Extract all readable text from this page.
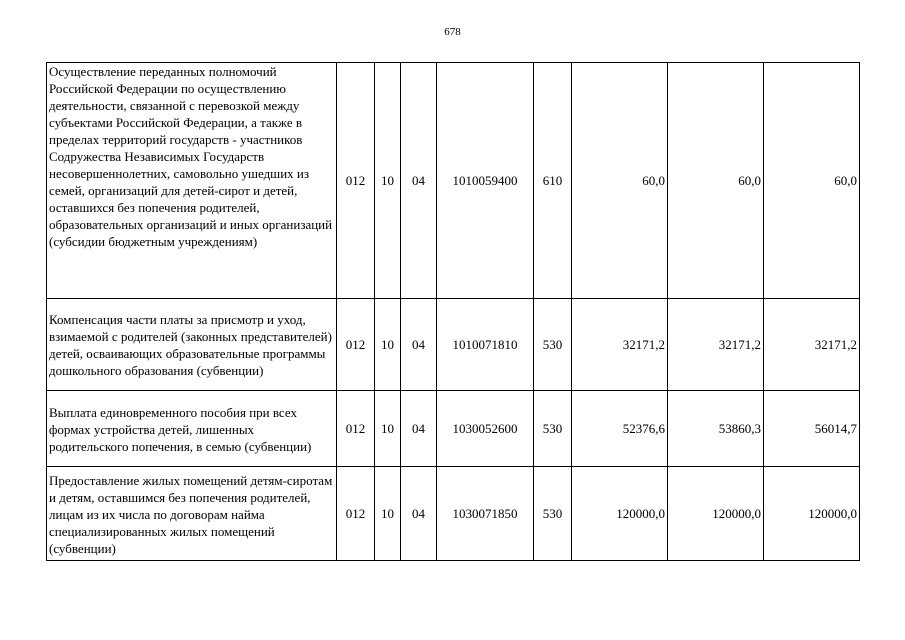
678
Осуществление переданных полномочий Российской Федерации по осуществлению деятельности, связанной с перевозкой между субъектами Российской Федерации, а также в пределах территорий государств - участников Содружества Независимых Государств несовершеннолетних, самовольно ушедших из семей, организаций для детей-сирот и детей, оставшихся без попечения родителей, образовательных организаций и иных организаций (субсидии бюджетным учреждениям)	012	10	04	1010059400	610	60,0	60,0	60,0
Компенсация части платы за присмотр и уход, взимаемой с родителей (законных представителей) детей, осваивающих образовательные программы дошкольного образования (субвенции)	012	10	04	1010071810	530	32171,2	32171,2	32171,2
Выплата единовременного пособия при всех формах устройства детей, лишенных родительского попечения, в семью (субвенции)	012	10	04	1030052600	530	52376,6	53860,3	56014,7
Предоставление жилых помещений детям-сиротам и детям, оставшимся без попечения родителей, лицам из их числа по договорам найма специализированных жилых помещений (субвенции)	012	10	04	1030071850	530	120000,0	120000,0	120000,0
